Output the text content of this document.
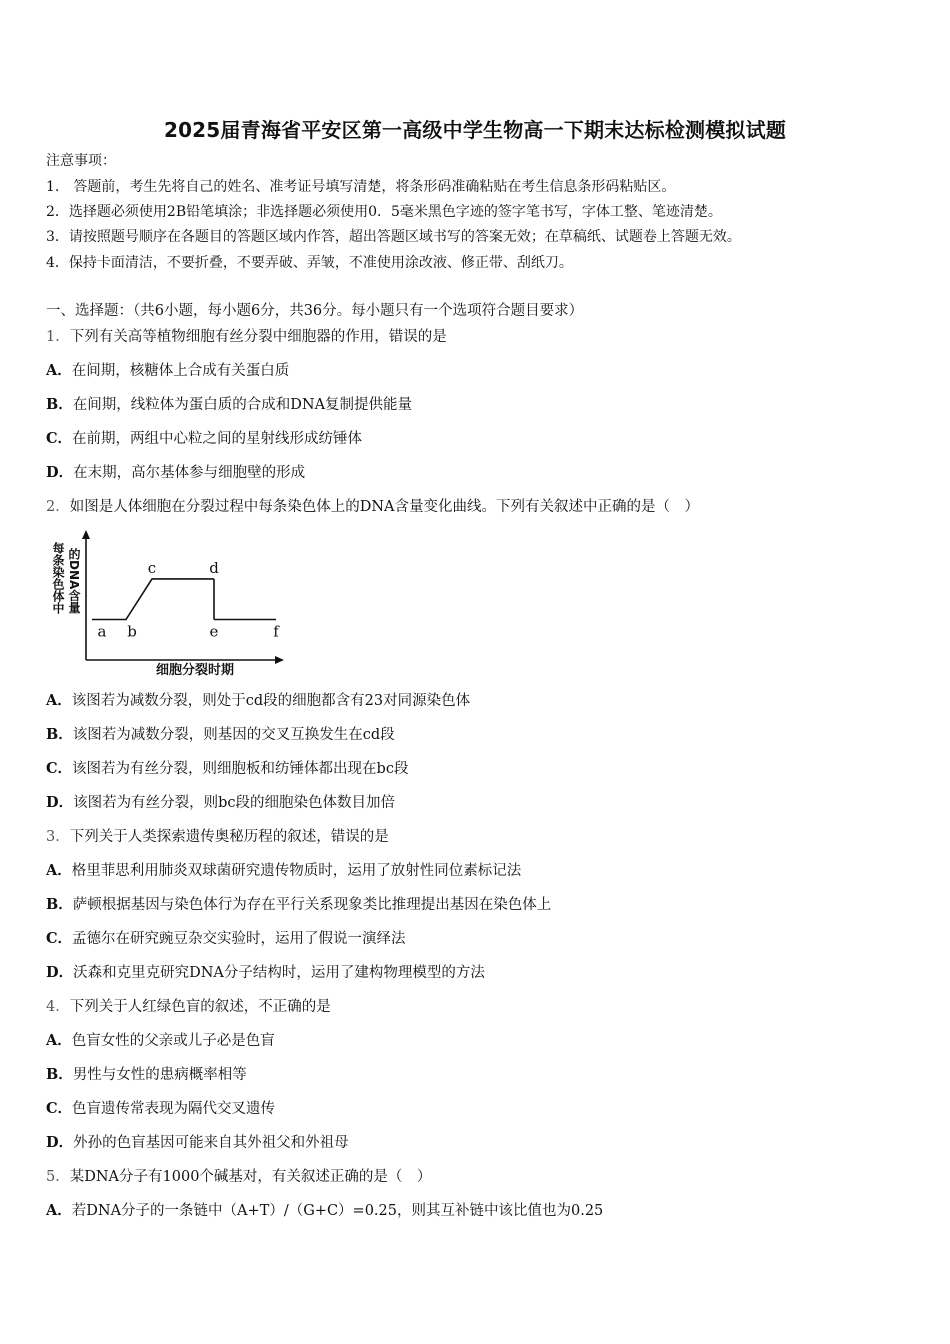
2025届青海省平安区第一高级中学生物高一下期末达标检测模拟试题
注意事项：
1.　答题前，考生先将自己的姓名、准考证号填写清楚，将条形码准确粘贴在考生信息条形码粘贴区。
2．选择题必须使用2B铅笔填涂；非选择题必须使用0．5毫米黑色字迹的签字笔书写，字体工整、笔迹清楚。
3．请按照题号顺序在各题目的答题区域内作答，超出答题区域书写的答案无效；在草稿纸、试题卷上答题无效。
4．保持卡面清洁，不要折叠，不要弄破、弄皱，不准使用涂改液、修正带、刮纸刀。
一、选择题：（共6小题，每小题6分，共36分。每小题只有一个选项符合题目要求）
1．下列有关高等植物细胞有丝分裂中细胞器的作用，错误的是
A．在间期，核糖体上合成有关蛋白质
B．在间期，线粒体为蛋白质的合成和DNA复制提供能量
C．在前期，两组中心粒之间的星射线形成纺锤体
D．在末期，高尔基体参与细胞壁的形成
2．如图是人体细胞在分裂过程中每条染色体上的DNA含量变化曲线。下列有关叙述中正确的是（　）
每条染色体中 的DNA含量
细胞分裂时期
a b
c	d
e	f
A．该图若为减数分裂，则处于cd段的细胞都含有23对同源染色体
B．该图若为减数分裂，则基因的交叉互换发生在cd段
C．该图若为有丝分裂，则细胞板和纺锤体都出现在bc段
D．该图若为有丝分裂，则bc段的细胞染色体数目加倍
3．下列关于人类探索遗传奥秘历程的叙述，错误的是
A．格里菲思利用肺炎双球菌研究遗传物质时，运用了放射性同位素标记法
B．萨顿根据基因与染色体行为存在平行关系现象类比推理提出基因在染色体上
C．孟德尔在研究豌豆杂交实验时，运用了假说一演绎法
D．沃森和克里克研究DNA分子结构时，运用了建构物理模型的方法
4．下列关于人红绿色盲的叙述，不正确的是
A．色盲女性的父亲或儿子必是色盲
B．男性与女性的患病概率相等
C．色盲遗传常表现为隔代交叉遗传
D．外孙的色盲基因可能来自其外祖父和外祖母
5．某DNA分子有1000个碱基对，有关叙述正确的是（　）
A．若DNA分子的一条链中（A+T）/（G+C）=0.25，则其互补链中该比值也为0.25
